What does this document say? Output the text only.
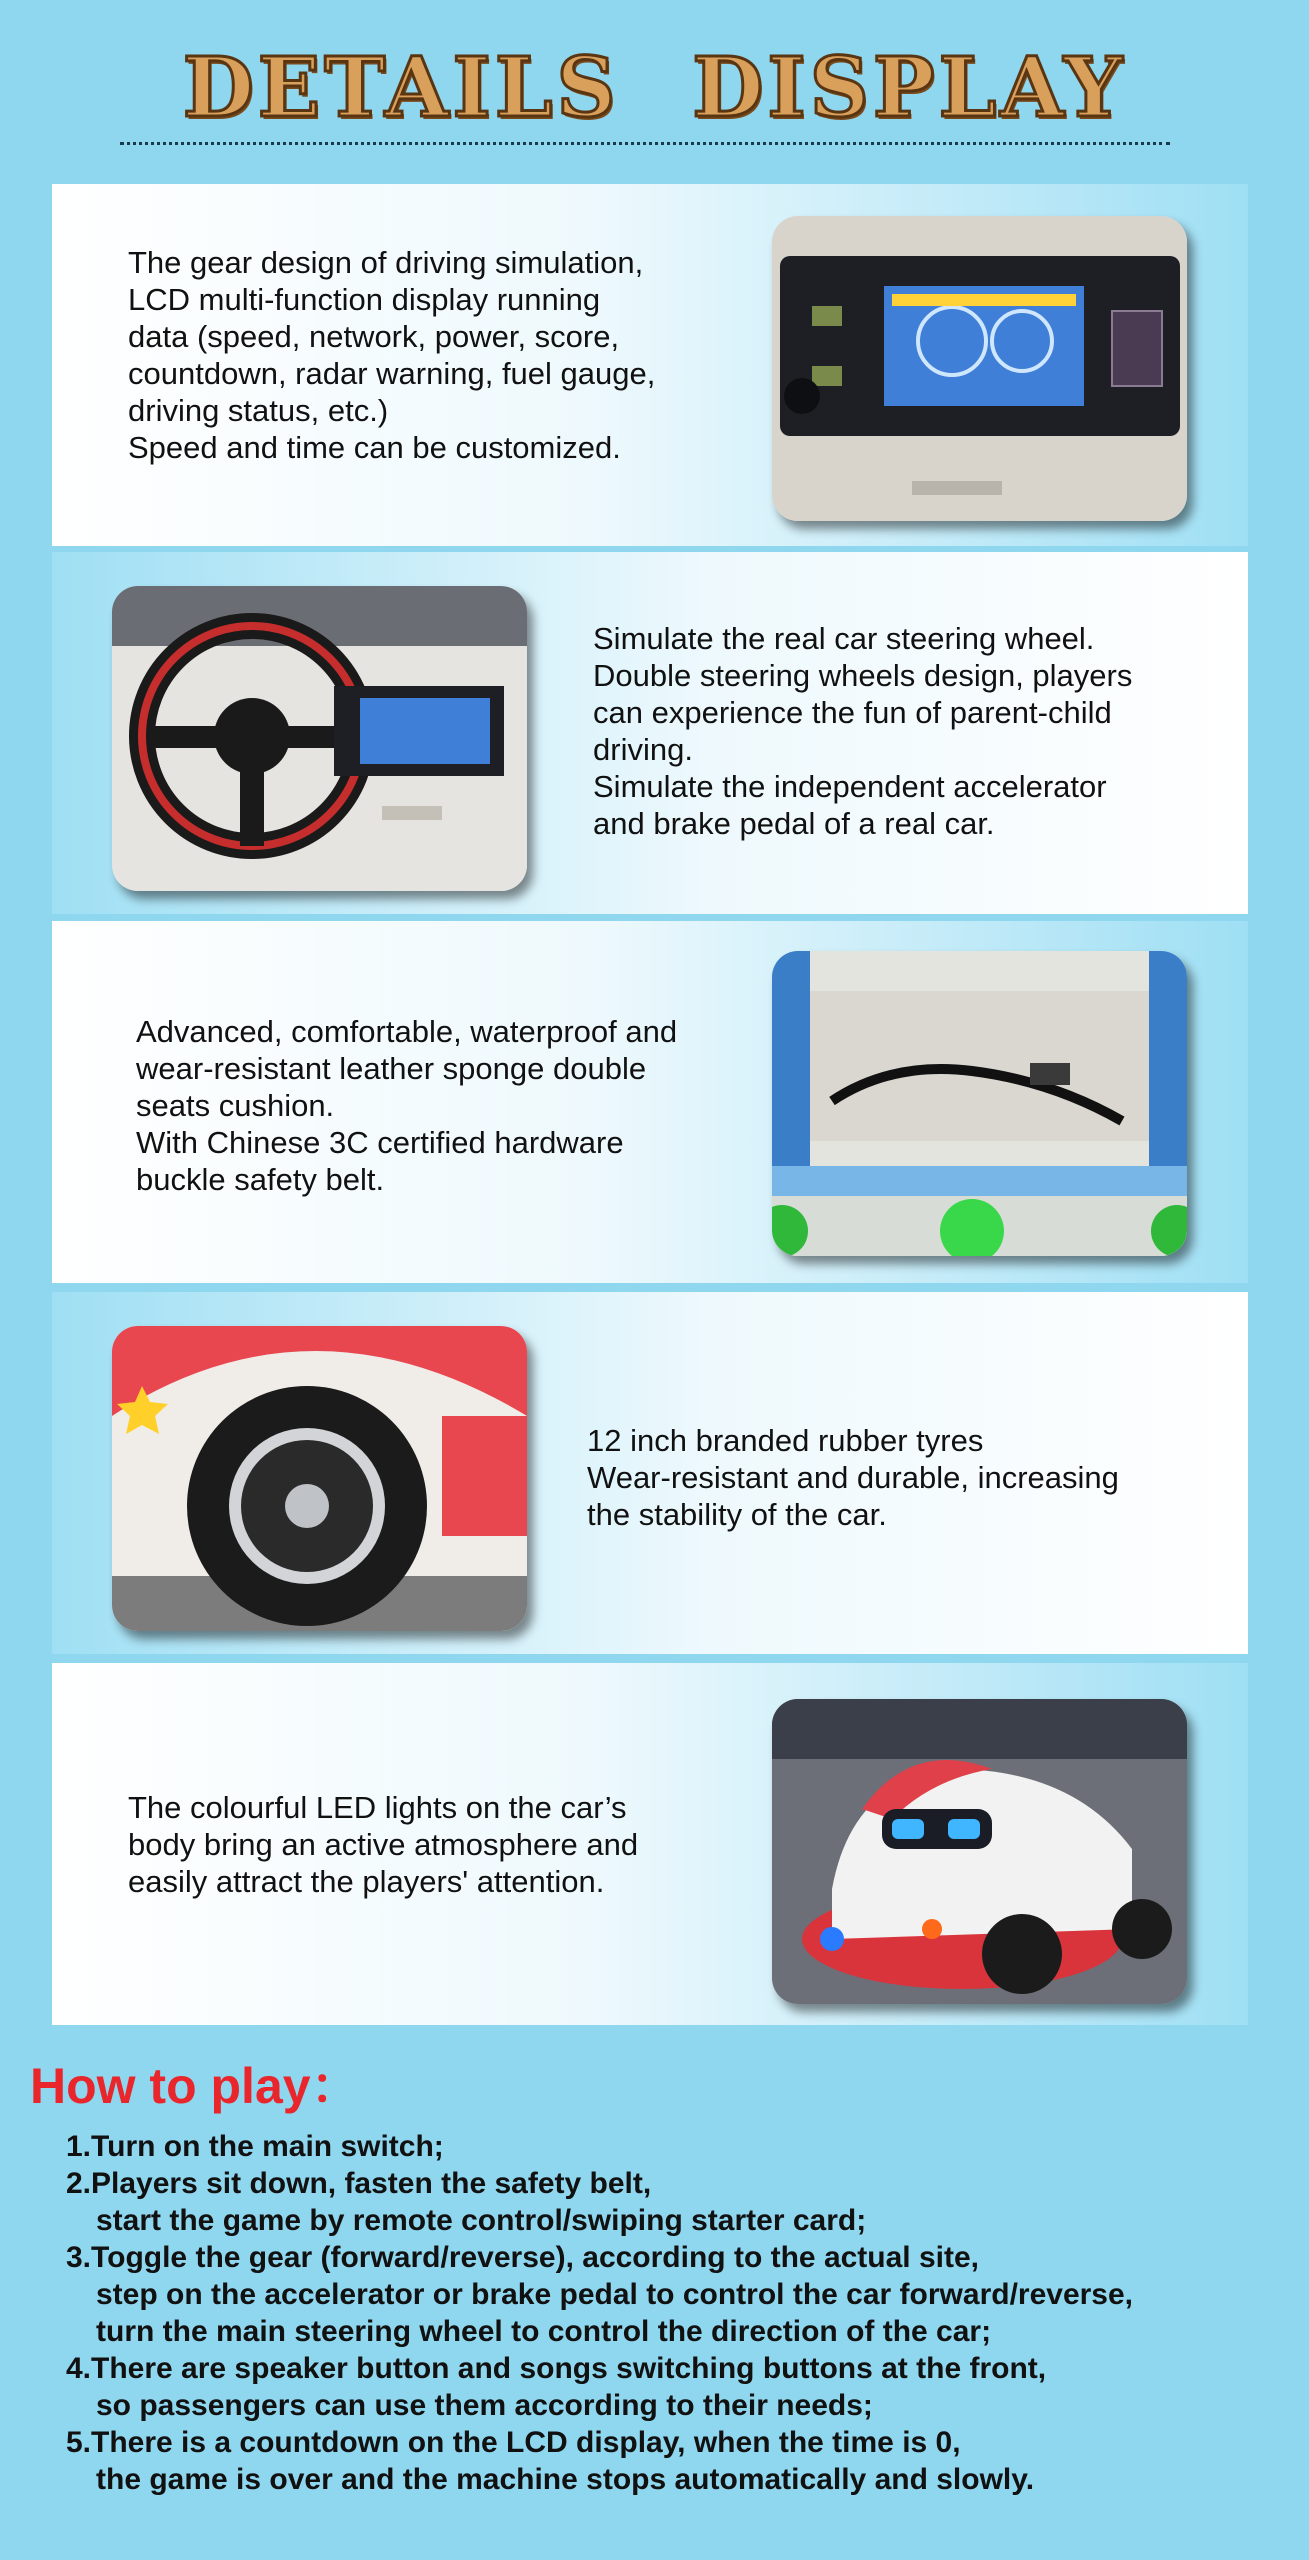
DETAILS DISPLAY
The gear design of driving simulation,
LCD multi-function display running
data (speed, network, power, score,
countdown, radar warning, fuel gauge,
driving status, etc.)
Speed and time can be customized.
Simulate the real car steering wheel.
Double steering wheels design, players
can experience the fun of parent-child
driving.
Simulate the independent accelerator
and brake pedal of a real car.
Advanced, comfortable, waterproof and
wear-resistant leather sponge double
seats cushion.
With Chinese 3C certified hardware
buckle safety belt.
12 inch branded rubber tyres
Wear-resistant and durable, increasing
the stability of the car.
The colourful LED lights on the car’s
body bring an active atmosphere and
easily attract the players' attention.
How to play：
1.Turn on the main switch;
2.Players sit down, fasten the safety belt,
start the game by remote control/swiping starter card;
3.Toggle the gear (forward/reverse), according to the actual site,
step on the accelerator or brake pedal to control the car forward/reverse,
turn the main steering wheel to control the direction of the car;
4.There are speaker button and songs switching buttons at the front,
so passengers can use them according to their needs;
5.There is a countdown on the LCD display, when the time is 0,
the game is over and the machine stops automatically and slowly.
